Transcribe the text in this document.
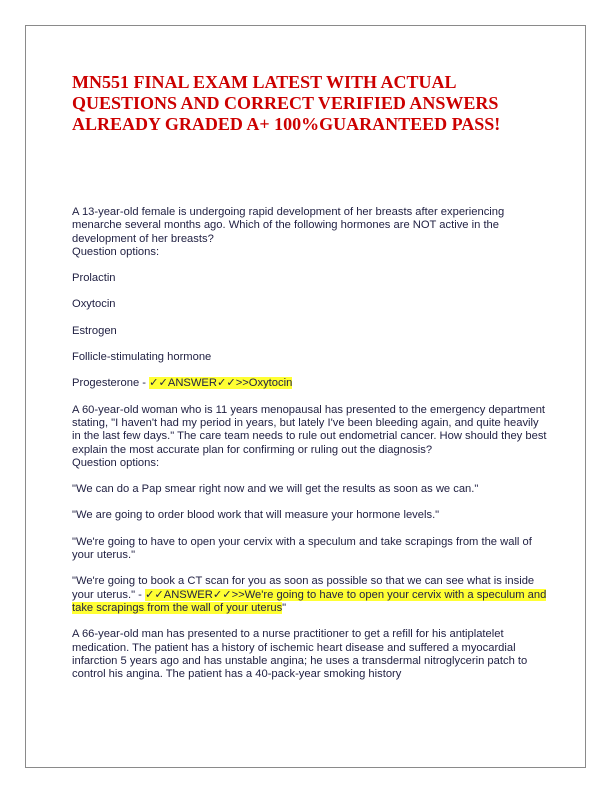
MN551 FINAL EXAM LATEST WITH ACTUAL QUESTIONS AND CORRECT VERIFIED ANSWERS ALREADY GRADED A+ 100%GUARANTEED PASS!

A 13-year-old female is undergoing rapid development of her breasts after experiencing menarche several months ago. Which of the following hormones are NOT active in the development of her breasts?
Question options:

Prolactin

Oxytocin

Estrogen

Follicle-stimulating hormone

Progesterone - ✓✓ANSWER✓✓>>Oxytocin

A 60-year-old woman who is 11 years menopausal has presented to the emergency department stating, "I haven't had my period in years, but lately I've been bleeding again, and quite heavily in the last few days." The care team needs to rule out endometrial cancer. How should they best explain the most accurate plan for confirming or ruling out the diagnosis?
Question options:

"We can do a Pap smear right now and we will get the results as soon as we can."

"We are going to order blood work that will measure your hormone levels."

"We're going to have to open your cervix with a speculum and take scrapings from the wall of your uterus."

"We're going to book a CT scan for you as soon as possible so that we can see what is inside your uterus." - ✓✓ANSWER✓✓>>We're going to have to open your cervix with a speculum and take scrapings from the wall of your uterus"

A 66-year-old man has presented to a nurse practitioner to get a refill for his antiplatelet medication. The patient has a history of ischemic heart disease and suffered a myocardial infarction 5 years ago and has unstable angina; he uses a transdermal nitroglycerin patch to control his angina. The patient has a 40-pack-year smoking history
